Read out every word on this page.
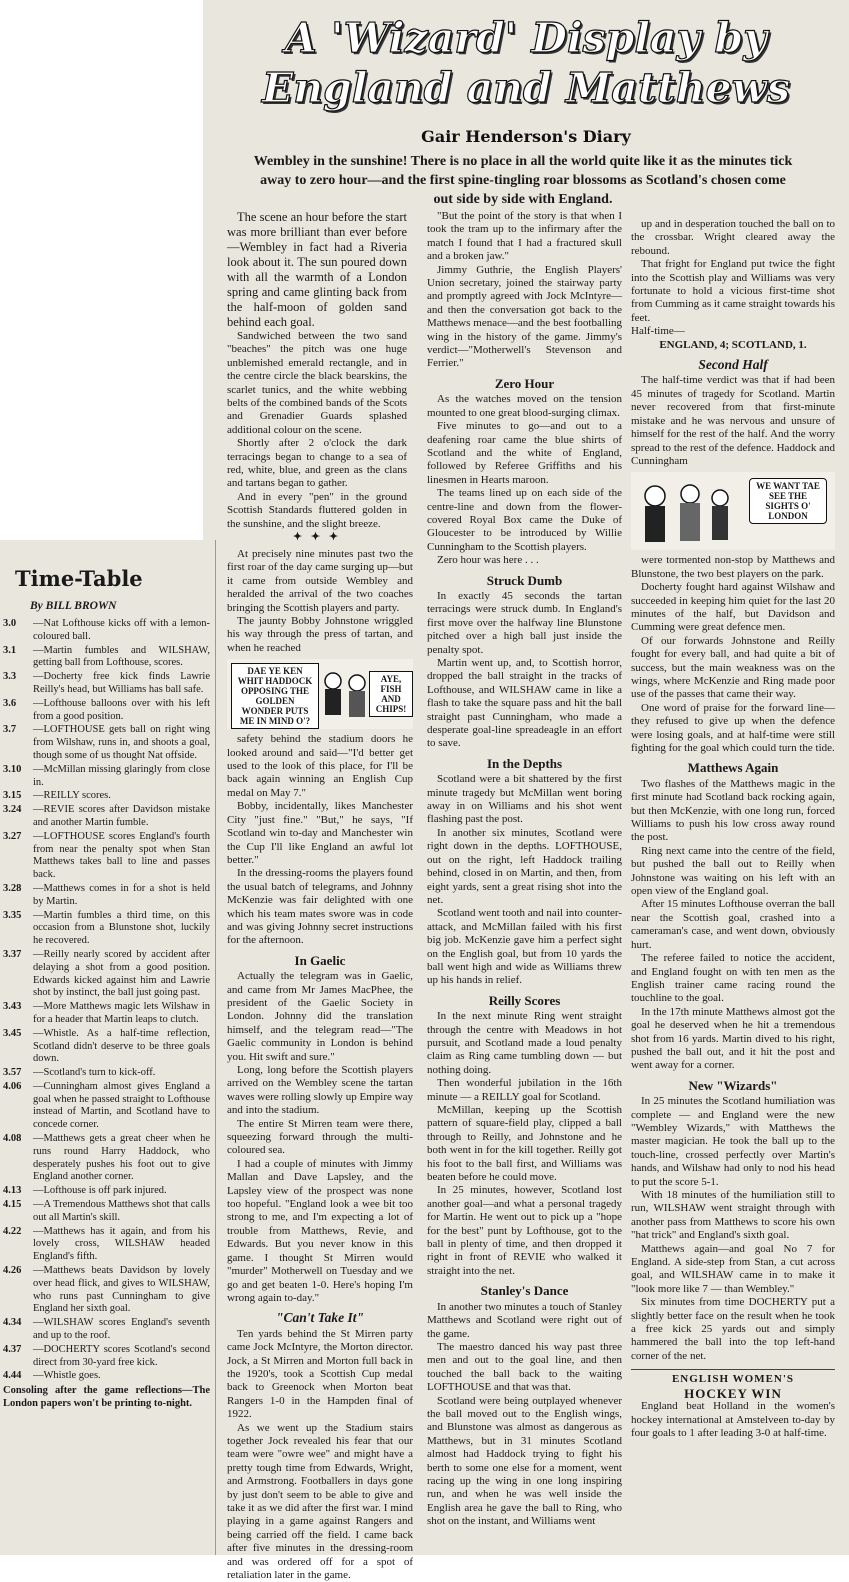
A 'Wizard' Display by
England and Matthews
Gair Henderson's Diary
Wembley in the sunshine! There is no place in all the world quite like it as the minutes tick away to zero hour—and the first spine-tingling roar blossoms as Scotland's chosen come out side by side with England.

The scene an hour before the start was more brilliant than ever before—Wembley in fact had a Riveria look about it. The sun poured down with all the warmth of a London spring and came glinting back from the half-moon of golden sand behind each goal.

Sandwiched between the two sand "beaches" the pitch was one huge unblemished emerald rectangle, and in the centre circle the black bearskins, the scarlet tunics, and the white webbing belts of the combined bands of the Scots and Grenadier Guards splashed additional colour on the scene.

Shortly after 2 o'clock the dark terracings began to change to a sea of red, white, blue, and green as the clans and tartans began to gather.

And in every "pen" in the ground Scottish Standards fluttered golden in the sunshine, and the slight breeze.

✦ ✦ ✦

At precisely nine minutes past two the first roar of the day came surging up—but it came from outside Wembley and heralded the arrival of the two coaches bringing the Scottish players and party.

The jaunty Bobby Johnstone wriggled his way through the press of tartan, and when he reached

DAE YE KEN WHIT HADDOCK OPPOSING THE GOLDEN WONDER PUTS ME IN MIND O'?
AYE, FISH AND CHIPS!

safety behind the stadium doors he looked around and said—"I'd better get used to the look of this place, for I'll be back again winning an English Cup medal on May 7."

Bobby, incidentally, likes Manchester City "just fine." "But," he says, "If Scotland win to-day and Manchester win the Cup I'll like England an awful lot better."

In the dressing-rooms the players found the usual batch of telegrams, and Johnny McKenzie was fair delighted with one which his team mates swore was in code and was giving Johnny secret instructions for the afternoon.

In Gaelic

Actually the telegram was in Gaelic, and came from Mr James MacPhee, the president of the Gaelic Society in London. Johnny did the translation himself, and the telegram read—"The Gaelic community in London is behind you. Hit swift and sure."

Long, long before the Scottish players arrived on the Wembley scene the tartan waves were rolling slowly up Empire way and into the stadium.

The entire St Mirren team were there, squeezing forward through the multi-coloured sea.

I had a couple of minutes with Jimmy Mallan and Dave Lapsley, and the Lapsley view of the prospect was none too hopeful. "England look a wee bit too strong to me, and I'm expecting a lot of trouble from Matthews, Revie, and Edwards. But you never know in this game. I thought St Mirren would "murder" Motherwell on Tuesday and we go and get beaten 1-0. Here's hoping I'm wrong again to-day."

"Can't Take It"

Ten yards behind the St Mirren party came Jock McIntyre, the Morton director. Jock, a St Mirren and Morton full back in the 1920's, took a Scottish Cup medal back to Greenock when Morton beat Rangers 1-0 in the Hampden final of 1922.

As we went up the Stadium stairs together Jock revealed his fear that our team were "owre wee" and might have a pretty tough time from Edwards, Wright, and Armstrong. Footballers in days gone by just don't seem to be able to give and take it as we did after the first war. I mind playing in a game against Rangers and being carried off the field. I came back after five minutes in the dressing-room and was ordered off for a spot of retaliation later in the game.

"But the point of the story is that when I took the tram up to the infirmary after the match I found that I had a fractured skull and a broken jaw."

Jimmy Guthrie, the English Players' Union secretary, joined the stairway party and promptly agreed with Jock McIntyre—and then the conversation got back to the Matthews menace—and the best footballing wing in the history of the game. Jimmy's verdict—"Motherwell's Stevenson and Ferrier."

Zero Hour

As the watches moved on the tension mounted to one great blood-surging climax.

Five minutes to go—and out to a deafening roar came the blue shirts of Scotland and the white of England, followed by Referee Griffiths and his linesmen in Hearts maroon.

The teams lined up on each side of the centre-line and down from the flower-covered Royal Box came the Duke of Gloucester to be introduced by Willie Cunningham to the Scottish players.

Zero hour was here . . .

Struck Dumb

In exactly 45 seconds the tartan terracings were struck dumb. In England's first move over the halfway line Blunstone pitched over a high ball just inside the penalty spot.

Martin went up, and, to Scottish horror, dropped the ball straight in the tracks of Lofthouse, and WILSHAW came in like a flash to take the square pass and hit the ball straight past Cunningham, who made a desperate goal-line spreadeagle in an effort to save.

In the Depths

Scotland were a bit shattered by the first minute tragedy but McMillan went boring away in on Williams and his shot went flashing past the post.

In another six minutes, Scotland were right down in the depths. LOFTHOUSE, out on the right, left Haddock trailing behind, closed in on Martin, and then, from eight yards, sent a great rising shot into the net.

Scotland went tooth and nail into counter-attack, and McMillan failed with his first big job. McKenzie gave him a perfect sight on the English goal, but from 10 yards the ball went high and wide as Williams threw up his hands in relief.

Reilly Scores

In the next minute Ring went straight through the centre with Meadows in hot pursuit, and Scotland made a loud penalty claim as Ring came tumbling down — but nothing doing.

Then wonderful jubilation in the 16th minute — a REILLY goal for Scotland.

McMillan, keeping up the Scottish pattern of square-field play, clipped a ball through to Reilly, and Johnstone and he both went in for the kill together. Reilly got his foot to the ball first, and Williams was beaten before he could move.

In 25 minutes, however, Scotland lost another goal—and what a personal tragedy for Martin. He went out to pick up a "hope for the best" punt by Lofthouse, got to the ball in plenty of time, and then dropped it right in front of REVIE who walked it straight into the net.

Stanley's Dance

In another two minutes a touch of Stanley Matthews and Scotland were right out of the game.

The maestro danced his way past three men and out to the goal line, and then touched the ball back to the waiting LOFTHOUSE and that was that.

Scotland were being outplayed whenever the ball moved out to the English wings, and Blunstone was almost as dangerous as Matthews, but in 31 minutes Scotland almost had Haddock trying to fight his berth to some one else for a moment, went racing up the wing in one long inspiring run, and when he was well inside the English area he gave the ball to Ring, who shot on the instant, and Williams went

up and in desperation touched the ball on to the crossbar. Wright cleared away the rebound.

That fright for England put twice the fight into the Scottish play and Williams was very fortunate to hold a vicious first-time shot from Cumming as it came straight towards his feet.

Half-time—

ENGLAND, 4; SCOTLAND, 1.

Second Half

The half-time verdict was that if had been 45 minutes of tragedy for Scotland. Martin never recovered from that first-minute mistake and he was nervous and unsure of himself for the rest of the half. And the worry spread to the rest of the defence. Haddock and Cunningham

WE WANT TAE SEE THE SIGHTS O' LONDON

were tormented non-stop by Matthews and Blunstone, the two best players on the park.

Docherty fought hard against Wilshaw and succeeded in keeping him quiet for the last 20 minutes of the half, but Davidson and Cumming were great defence men.

Of our forwards Johnstone and Reilly fought for every ball, and had quite a bit of success, but the main weakness was on the wings, where McKenzie and Ring made poor use of the passes that came their way.

One word of praise for the forward line—they refused to give up when the defence were losing goals, and at half-time were still fighting for the goal which could turn the tide.

Matthews Again

Two flashes of the Matthews magic in the first minute had Scotland back rocking again, but then McKenzie, with one long run, forced Williams to push his low cross away round the post.

Ring next came into the centre of the field, but pushed the ball out to Reilly when Johnstone was waiting on his left with an open view of the England goal.

After 15 minutes Lofthouse overran the ball near the Scottish goal, crashed into a cameraman's case, and went down, obviously hurt.

The referee failed to notice the accident, and England fought on with ten men as the English trainer came racing round the touchline to the goal.

In the 17th minute Matthews almost got the goal he deserved when he hit a tremendous shot from 16 yards. Martin dived to his right, pushed the ball out, and it hit the post and went away for a corner.

New "Wizards"

In 25 minutes the Scotland humiliation was complete — and England were the new "Wembley Wizards," with Matthews the master magician. He took the ball up to the touch-line, crossed perfectly over Martin's hands, and Wilshaw had only to nod his head to put the score 5-1.

With 18 minutes of the humiliation still to run, WILSHAW went straight through with another pass from Matthews to score his own "hat trick" and England's sixth goal.

Matthews again—and goal No 7 for England. A side-step from Stan, a cut across goal, and WILSHAW came in to make it "look more like 7 — than Wembley."

Six minutes from time DOCHERTY put a slightly better face on the result when he took a free kick 25 yards out and simply hammered the ball into the top left-hand corner of the net.

ENGLISH WOMEN'S

HOCKEY WIN

England beat Holland in the women's hockey international at Amstelveen to-day by four goals to 1 after leading 3-0 at half-time.

Time-Table
By BILL BROWN
3.0	—Nat Lofthouse kicks off with a lemon-coloured ball.
3.1	—Martin fumbles and WILSHAW, getting ball from Lofthouse, scores.
3.3	—Docherty free kick finds Lawrie Reilly's head, but Williams has ball safe.
3.6	—Lofthouse balloons over with his left from a good position.
3.7	—LOFTHOUSE gets ball on right wing from Wilshaw, runs in, and shoots a goal, though some of us thought Nat offside.
3.10	—McMillan missing glaringly from close in.
3.15	—REILLY scores.
3.24	—REVIE scores after Davidson mistake and another Martin fumble.
3.27	—LOFTHOUSE scores England's fourth from near the penalty spot when Stan Matthews takes ball to line and passes back.
3.28	—Matthews comes in for a shot is held by Martin.
3.35	—Martin fumbles a third time, on this occasion from a Blunstone shot, luckily he recovered.
3.37	—Reilly nearly scored by accident after delaying a shot from a good position. Edwards kicked against him and Lawrie shot by instinct, the ball just going past.
3.43	—More Matthews magic lets Wilshaw in for a header that Martin leaps to clutch.
3.45	—Whistle. As a half-time reflection, Scotland didn't deserve to be three goals down.
3.57	—Scotland's turn to kick-off.
4.06	—Cunningham almost gives England a goal when he passed straight to Lofthouse instead of Martin, and Scotland have to concede corner.
4.08	—Matthews gets a great cheer when he runs round Harry Haddock, who desperately pushes his foot out to give England another corner.
4.13	—Lofthouse is off park injured.
4.15	—A Tremendous Matthews shot that calls out all Martin's skill.
4.22	—Matthews has it again, and from his lovely cross, WILSHAW headed England's fifth.
4.26	—Matthews beats Davidson by lovely over head flick, and gives to WILSHAW, who runs past Cunningham to give England her sixth goal.
4.34	—WILSHAW scores England's seventh and up to the roof.
4.37	—DOCHERTY scores Scotland's second direct from 30-yard free kick.
4.44	—Whistle goes.
Consoling after the game reflections—The London papers won't be printing to-night.
